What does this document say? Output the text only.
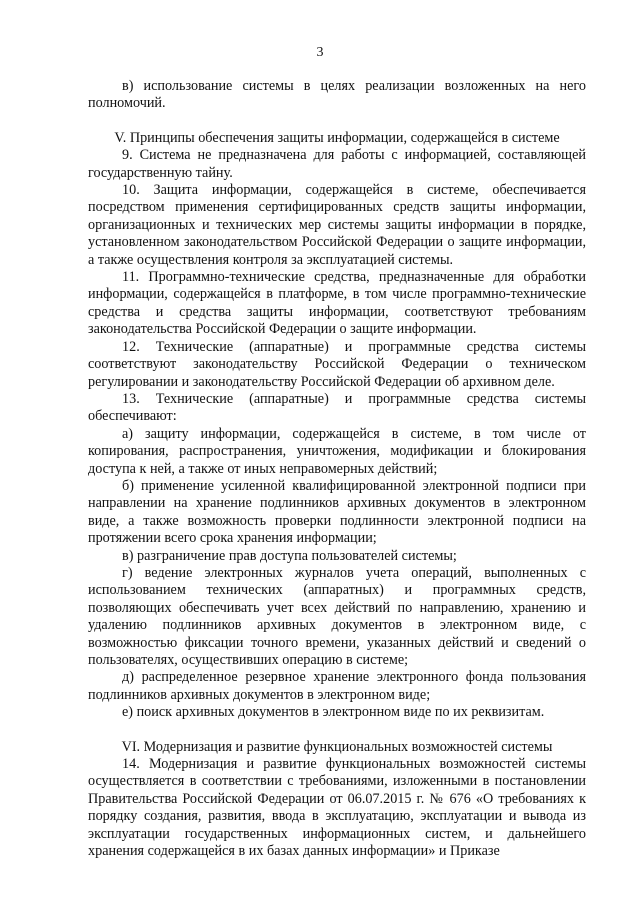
3

в) использование системы в целях реализации возложенных на него полномочий.

V. Принципы обеспечения защиты информации, содержащейся в системе

9. Система не предназначена для работы с информацией, составляющей государственную тайну.

10. Защита информации, содержащейся в системе, обеспечивается посредством применения сертифицированных средств защиты информации, организационных и технических мер системы защиты информации в порядке, установленном законодательством Российской Федерации о защите информации, а также осуществления контроля за эксплуатацией системы.

11. Программно-технические средства, предназначенные для обработки информации, содержащейся в платформе, в том числе программно-технические средства и средства защиты информации, соответствуют требованиям законодательства Российской Федерации о защите информации.

12. Технические (аппаратные) и программные средства системы соответствуют законодательству Российской Федерации о техническом регулировании и законодательству Российской Федерации об архивном деле.

13. Технические (аппаратные) и программные средства системы обеспечивают:

а) защиту информации, содержащейся в системе, в том числе от копирования, распространения, уничтожения, модификации и блокирования доступа к ней, а также от иных неправомерных действий;

б) применение усиленной квалифицированной электронной подписи при направлении на хранение подлинников архивных документов в электронном виде, а также возможность проверки подлинности электронной подписи на протяжении всего срока хранения информации;

в) разграничение прав доступа пользователей системы;

г) ведение электронных журналов учета операций, выполненных с использованием технических (аппаратных) и программных средств, позволяющих обеспечивать учет всех действий по направлению, хранению и удалению подлинников архивных документов в электронном виде, с возможностью фиксации точного времени, указанных действий и сведений о пользователях, осуществивших операцию в системе;

д) распределенное резервное хранение электронного фонда пользования подлинников архивных документов в электронном виде;

е) поиск архивных документов в электронном виде по их реквизитам.

VI. Модернизация и развитие функциональных возможностей системы

14. Модернизация и развитие функциональных возможностей системы осуществляется в соответствии с требованиями, изложенными в постановлении Правительства Российской Федерации от 06.07.2015 г. № 676 «О требованиях к порядку создания, развития, ввода в эксплуатацию, эксплуатации и вывода из эксплуатации государственных информационных систем, и дальнейшего хранения содержащейся в их базах данных информации» и Приказе
